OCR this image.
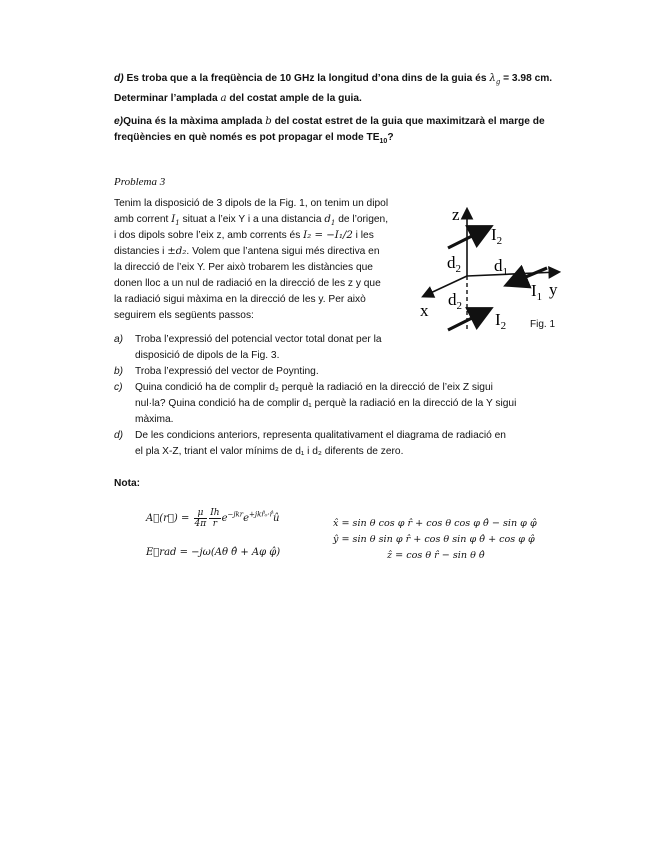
d) Es troba que a la freqüència de 10 GHz la longitud d’ona dins de la guia és $\lambda_g = 3.98$ cm.
Determinar l’amplada a del costat ample de la guia.
e)Quina és la màxima amplada b del costat estret de la guia que maximitzarà el marge de
freqüències en què només es pot propagar el mode $TE_{10}$?
Problema 3
Tenim la disposició de 3 dipols de la Fig. 1, on tenim un dipol
amb corrent $I_1$ situat a l’eix Y i a una distancia $d_1$ de l’origen,
i dos dipols sobre l’eix z, amb corrents és I₂ = −I₁/2 i les
distancies i ±d₂. Volem que l’antena sigui més directiva en
la direcció de l’eix Y. Per això trobarem les distàncies que
donen lloc a un nul de radiació en la direcció de les z y que
la radiació sigui màxima en la direcció de les y. Per això
seguirem els següents passos:
z
x
y
$I_2$
$I_2$
$I_1$
$d_2$
$d_2$
$d_1$
Fig. 1
a) Troba l’expressió del potencial vector total donat per la
disposició de dipols de la Fig. 3.
b) Troba l’expressió del vector de Poynting.
c) Quina condició ha de complir d₂ perquè la radiació en la direcció de l’eix Z sigui
nul·la? Quina condició ha de complir d₁ perquè la radiació en la direcció de la Y sigui
màxima.
d) De les condicions anteriors, representa qualitativament el diagrama de radiació en
el pla X-Z, triant el valor mínims de d₁ i d₂ diferents de zero.
Nota:
A⃗(r⃗) = $\frac{\mu}{4\pi} \frac{Ih}{r}$ $e^{-jkr}e^{+jkr̂_0\cdot r̂}û$
E⃗rad = −jω(Aθ θ̂ + Aφ φ̂)
x̂ = sin θ cos φ r̂ + cos θ cos φ θ̂ − sin φ φ̂
ŷ = sin θ sin φ r̂ + cos θ sin φ θ̂ + cos φ φ̂
ẑ = cos θ r̂ − sin θ θ̂
